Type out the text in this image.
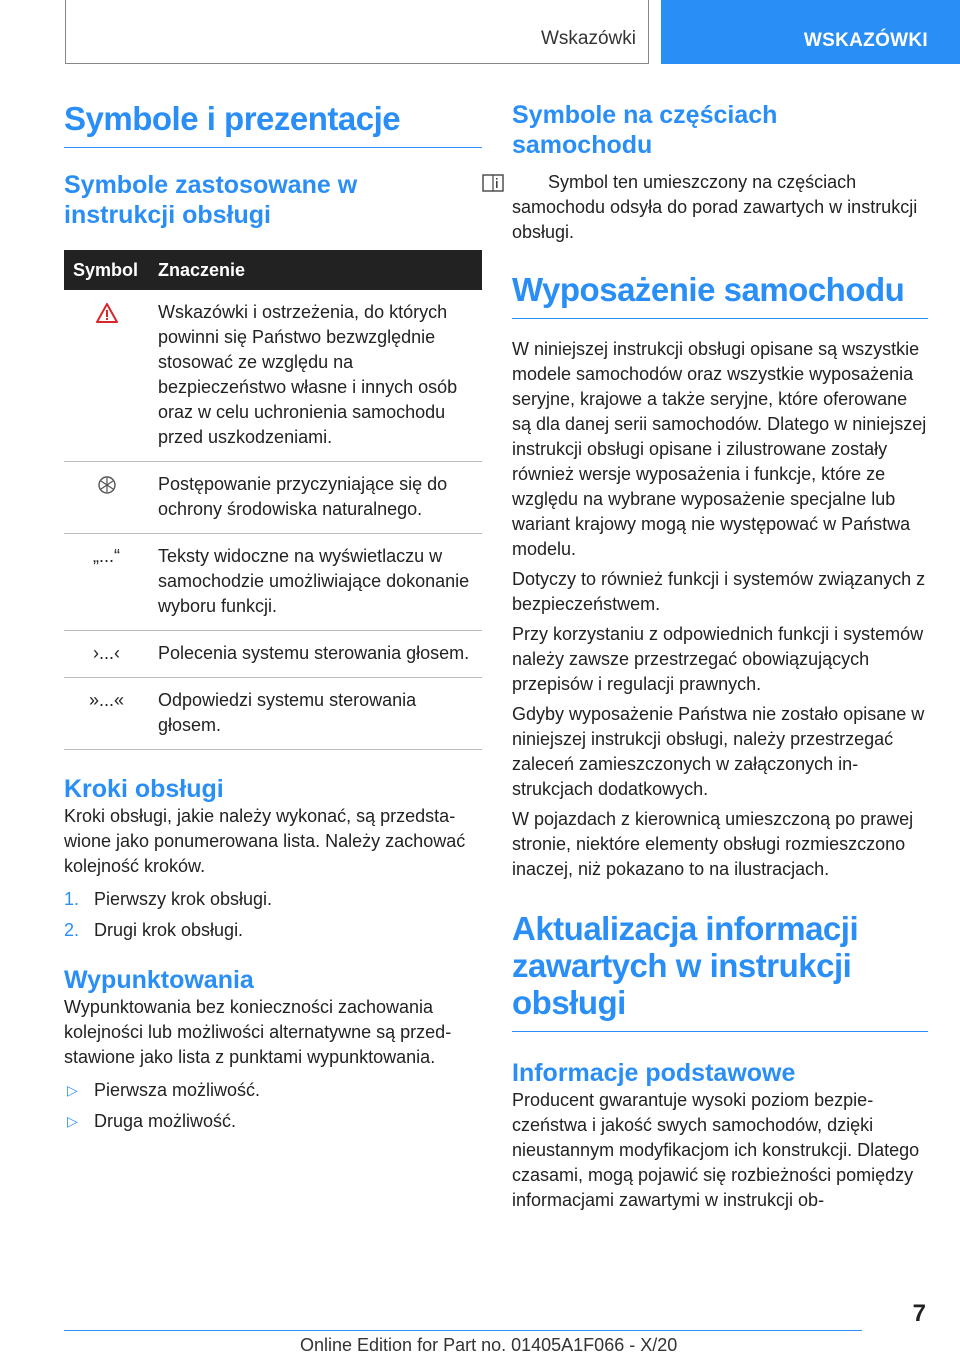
Wskazówki	WSKAZÓWKI
Symbole i prezentacje
Symbole zastosowane w instrukcji obsługi
Symbol	Znaczenie
	Wskazówki i ostrzeżenia, do których powinni się Państwo bezwzględnie stosować ze względu na bezpieczeństwo własne i innych osób oraz w celu uchronienia samochodu przed uszkodzeniami.
	Postępowanie przyczyniające się do ochrony środowiska naturalnego.
„...“	Teksty widoczne na wyświetlaczu w samochodzie umożliwiające dokonanie wyboru funkcji.
›...‹	Polecenia systemu sterowania głosem.
»...«	Odpowiedzi systemu sterowania głosem.
Kroki obsługi

Kroki obsługi, jakie należy wykonać, są przedstawione jako ponumerowana lista. Należy zachować kolejność kroków.

1. Pierwszy krok obsługi.
2. Drugi krok obsługi.
Wypunktowania

Wypunktowania bez konieczności zachowania kolejności lub możliwości alternatywne są przedstawione jako lista z punktami wypunktowania.

▷ Pierwsza możliwość.
▷ Druga możliwość.
Symbole na częściach samochodu

Symbol ten umieszczony na częściach samochodu odsyła do porad zawartych w instrukcji obsługi.

Wyposażenie samochodu

W niniejszej instrukcji obsługi opisane są wszystkie modele samochodów oraz wszystkie wyposażenia seryjne, krajowe a także seryjne, które oferowane są dla danej serii samochodów. Dlatego w niniejszej instrukcji obsługi opisane i zilustrowane zostały również wersje wyposażenia i funkcje, które ze względu na wybrane wyposażenie specjalne lub wariant krajowy mogą nie występować w Państwa modelu.

Dotyczy to również funkcji i systemów związanych z bezpieczeństwem.

Przy korzystaniu z odpowiednich funkcji i systemów należy zawsze przestrzegać obowiązujących przepisów i regulacji prawnych.

Gdyby wyposażenie Państwa nie zostało opisane w niniejszej instrukcji obsługi, należy przestrzegać zaleceń zamieszczonych w załączonych instrukcjach dodatkowych.

W pojazdach z kierownicą umieszczoną po prawej stronie, niektóre elementy obsługi rozmieszczono inaczej, niż pokazano to na ilustracjach.

Aktualizacja informacji zawartych w instrukcji obsługi
Informacje podstawowe

Producent gwarantuje wysoki poziom bezpieczeństwa i jakość swych samochodów, dzięki nieustannym modyfikacjom ich konstrukcji. Dlatego czasami, mogą pojawić się rozbieżności pomiędzy informacjami zawartymi w instrukcji ob-

7
Online Edition for Part no. 01405A1F066 - X/20
